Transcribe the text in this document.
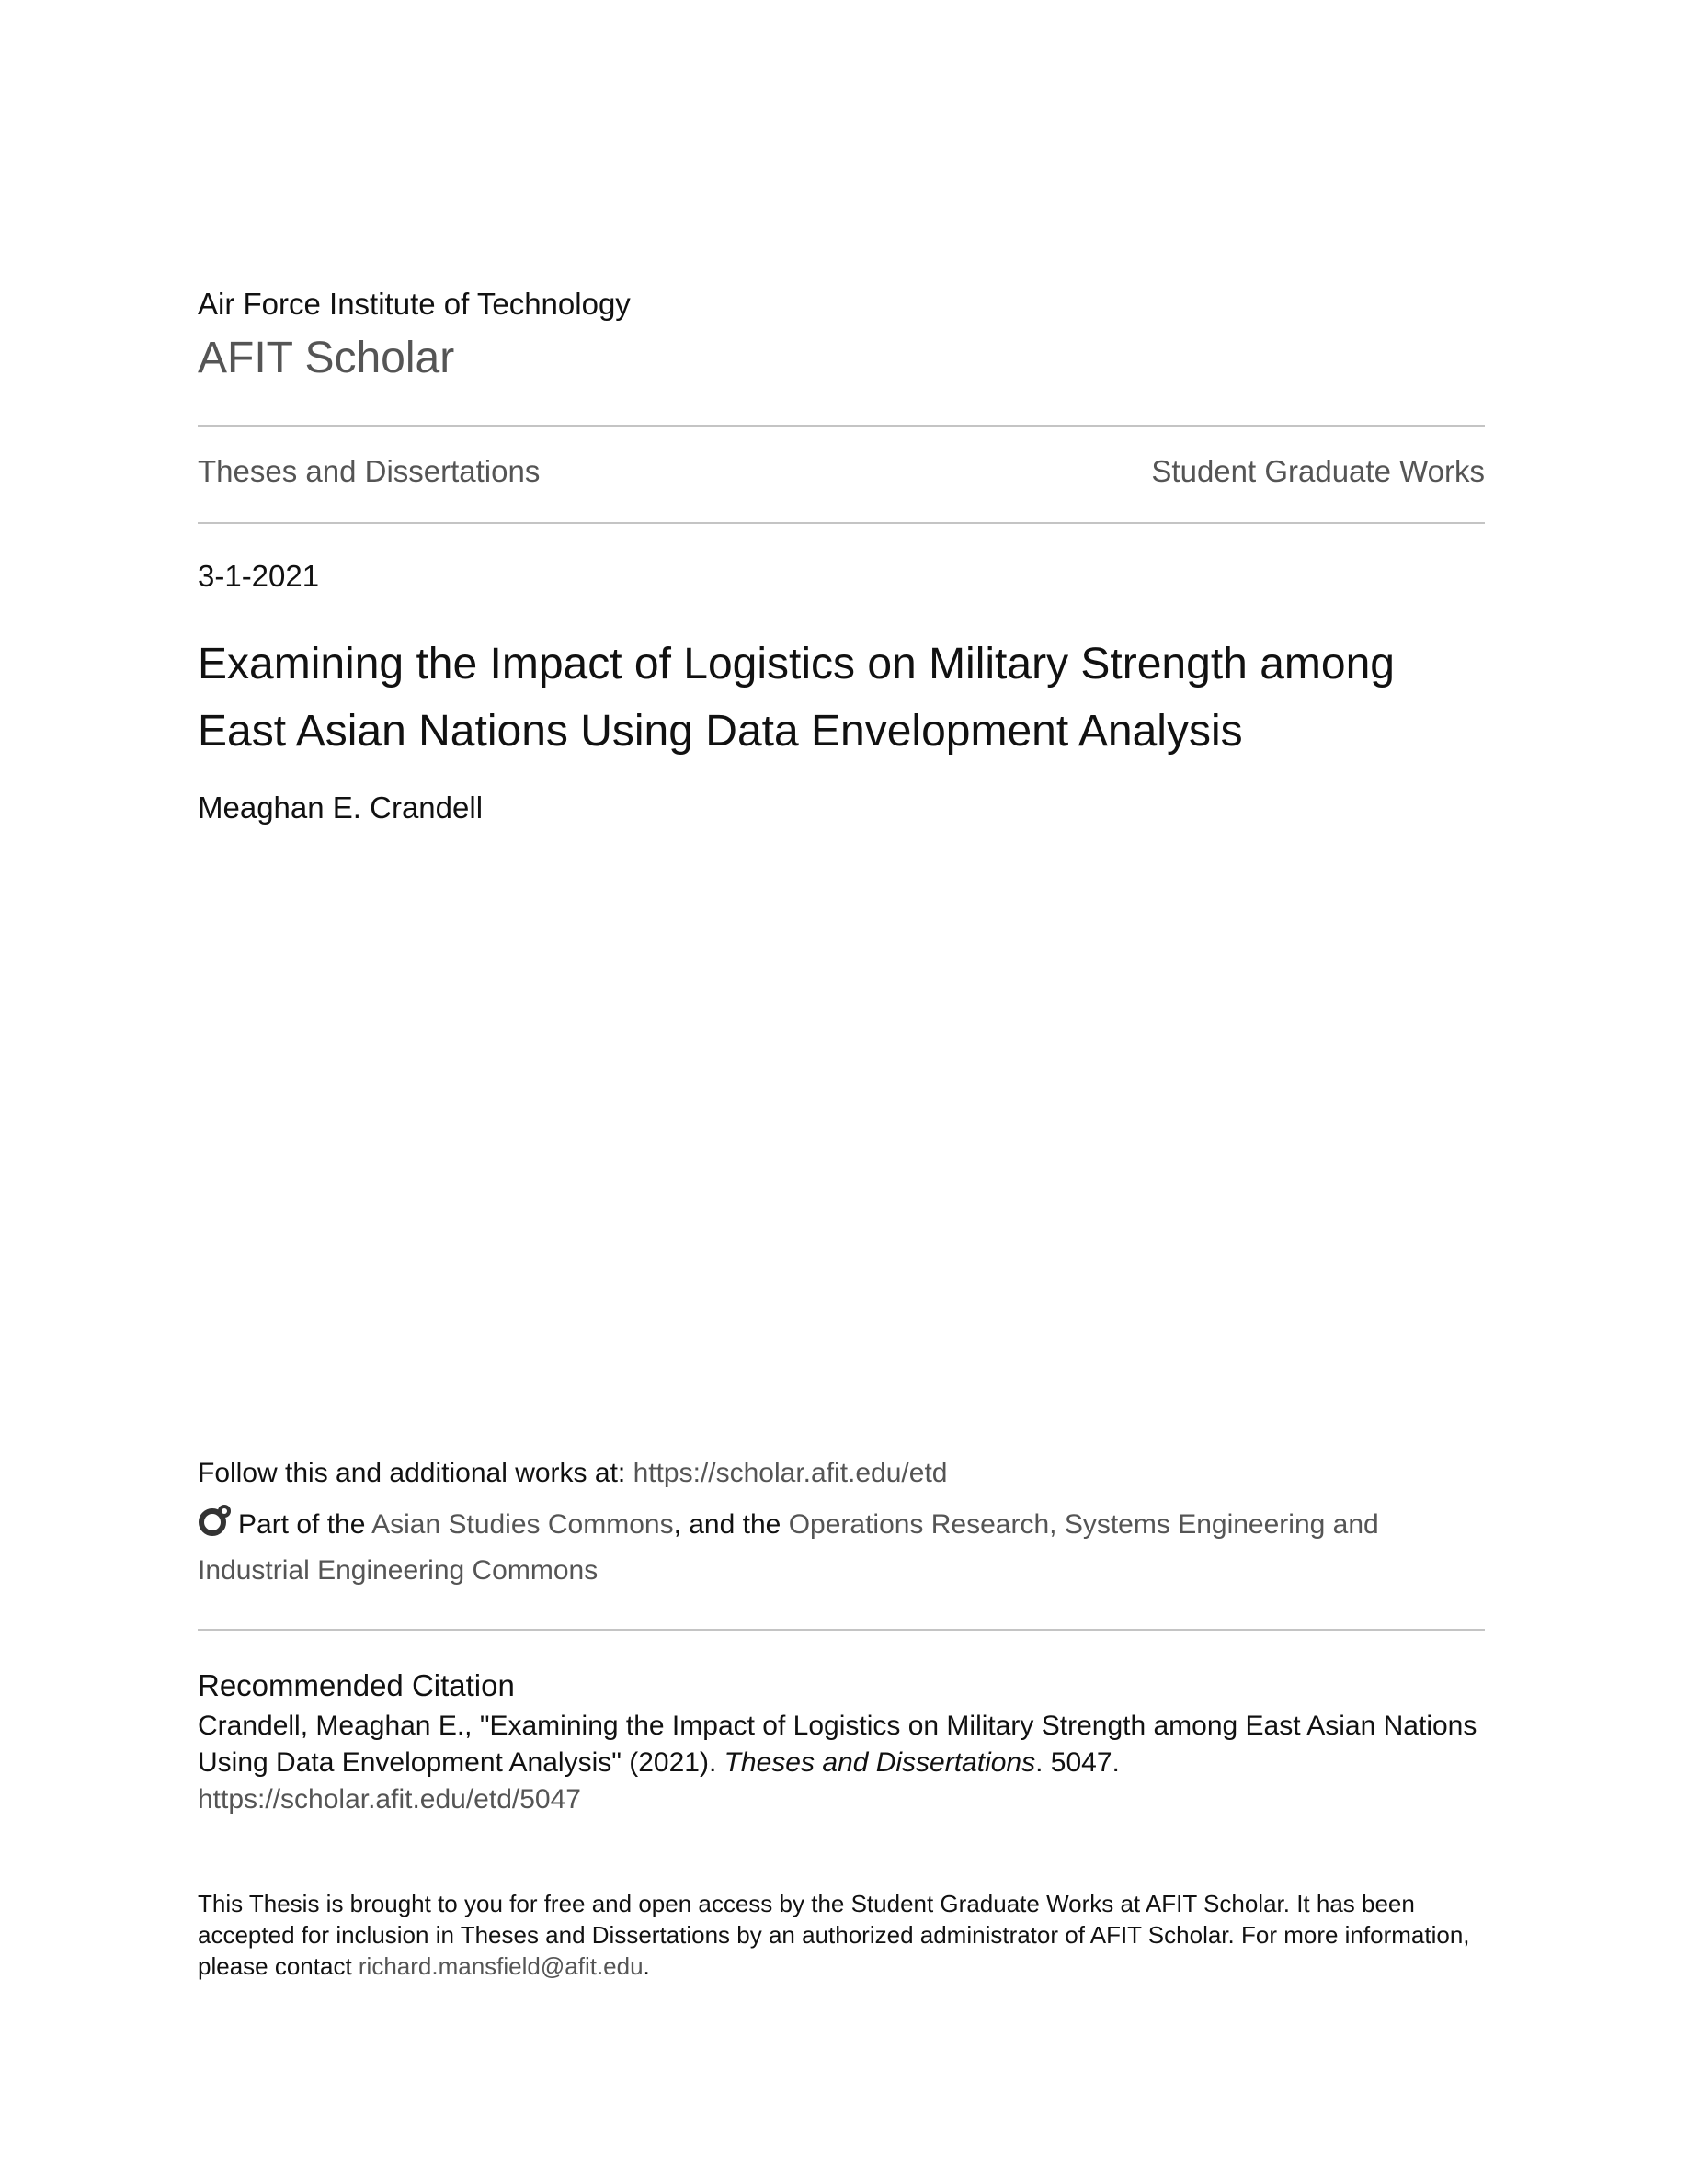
Air Force Institute of Technology
AFIT Scholar
Theses and Dissertations	Student Graduate Works
3-1-2021
Examining the Impact of Logistics on Military Strength among East Asian Nations Using Data Envelopment Analysis
Meaghan E. Crandell
Follow this and additional works at: https://scholar.afit.edu/etd
Part of the Asian Studies Commons, and the Operations Research, Systems Engineering and Industrial Engineering Commons
Recommended Citation
Crandell, Meaghan E., "Examining the Impact of Logistics on Military Strength among East Asian Nations Using Data Envelopment Analysis" (2021). Theses and Dissertations. 5047.
https://scholar.afit.edu/etd/5047
This Thesis is brought to you for free and open access by the Student Graduate Works at AFIT Scholar. It has been accepted for inclusion in Theses and Dissertations by an authorized administrator of AFIT Scholar. For more information, please contact richard.mansfield@afit.edu.
